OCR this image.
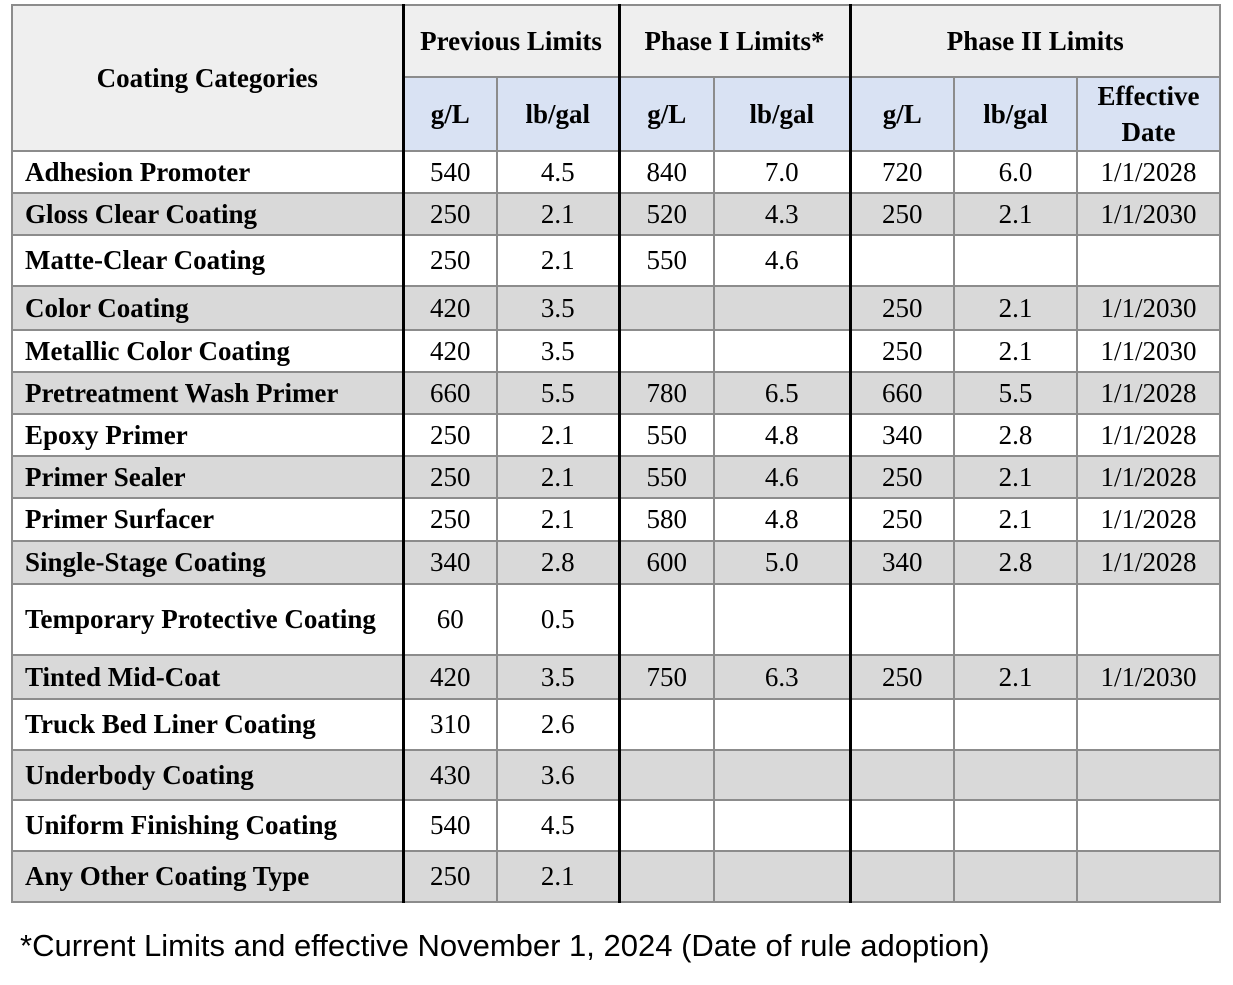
Coating Categories	Previous Limits		Phase I Limits*		Phase II Limits		
	g/L	lb/gal	g/L	lb/gal	g/L	lb/gal	Effective Date
Adhesion Promoter	540	4.5	840	7.0	720	6.0	1/1/2028
Gloss Clear Coating	250	2.1	520	4.3	250	2.1	1/1/2030
Matte-Clear Coating	250	2.1	550	4.6			
Color Coating	420	3.5			250	2.1	1/1/2030
Metallic Color Coating	420	3.5			250	2.1	1/1/2030
Pretreatment Wash Primer	660	5.5	780	6.5	660	5.5	1/1/2028
Epoxy Primer	250	2.1	550	4.8	340	2.8	1/1/2028
Primer Sealer	250	2.1	550	4.6	250	2.1	1/1/2028
Primer Surfacer	250	2.1	580	4.8	250	2.1	1/1/2028
Single-Stage Coating	340	2.8	600	5.0	340	2.8	1/1/2028
Temporary Protective Coating	60	0.5					
Tinted Mid-Coat	420	3.5	750	6.3	250	2.1	1/1/2030
Truck Bed Liner Coating	310	2.6					
Underbody Coating	430	3.6					
Uniform Finishing Coating	540	4.5					
Any Other Coating Type	250	2.1					
*Current Limits and effective November 1, 2024 (Date of rule adoption)
